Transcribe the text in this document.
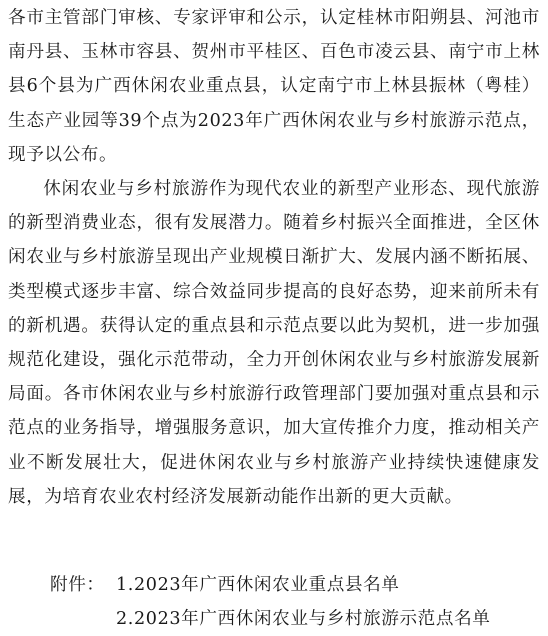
各市主管部门审核、专家评审和公示，认定桂林市阳朔县、河池市南丹县、玉林市容县、贺州市平桂区、百色市凌云县、南宁市上林县6个县为广西休闲农业重点县，认定南宁市上林县振林（粤桂）生态产业园等39个点为2023年广西休闲农业与乡村旅游示范点，现予以公布。

休闲农业与乡村旅游作为现代农业的新型产业形态、现代旅游的新型消费业态，很有发展潜力。随着乡村振兴全面推进，全区休闲农业与乡村旅游呈现出产业规模日渐扩大、发展内涵不断拓展、类型模式逐步丰富、综合效益同步提高的良好态势，迎来前所未有的新机遇。获得认定的重点县和示范点要以此为契机，进一步加强规范化建设，强化示范带动，全力开创休闲农业与乡村旅游发展新局面。各市休闲农业与乡村旅游行政管理部门要加强对重点县和示范点的业务指导，增强服务意识，加大宣传推介力度，推动相关产业不断发展壮大，促进休闲农业与乡村旅游产业持续快速健康发展，为培育农业农村经济发展新动能作出新的更大贡献。

附件： 1.2023年广西休闲农业重点县名单
2.2023年广西休闲农业与乡村旅游示范点名单
